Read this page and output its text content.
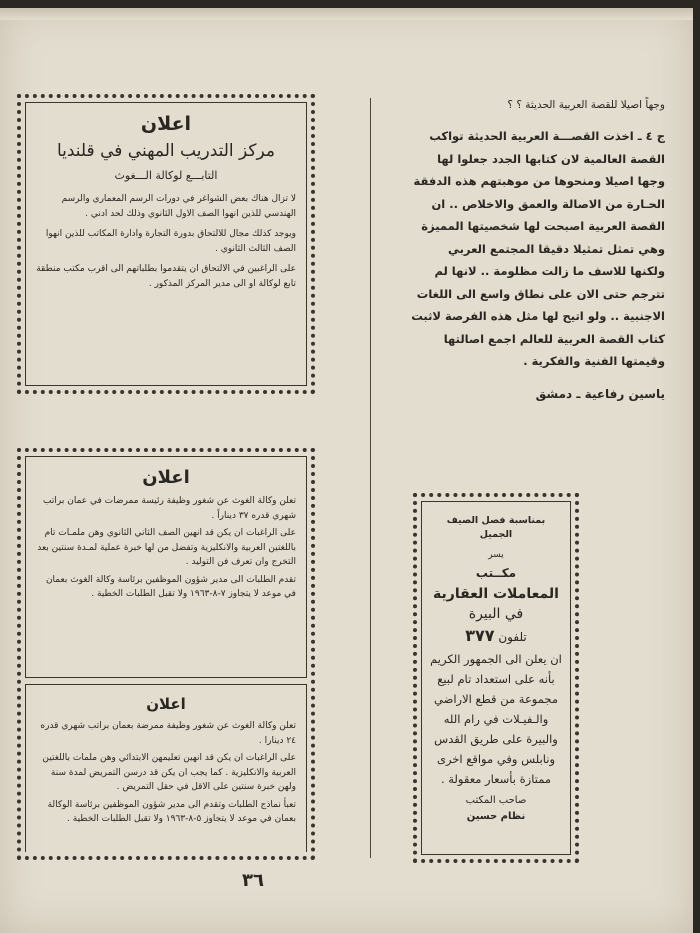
وجهاً اصيلا للقصة العربية الحديثة ؟ ؟

ج ٤ ـ اخذت القصـــة العربية الحديثة تواكب القصة العالمية لان كتابها الجدد جعلوا لها وجها اصيلا ومنحوها من موهبتهم هذه الدفقة الحـارة من الاصالة والعمق والاخلاص .. ان القصة العربية اصبحت لها شخصيتها المميزة وهي تمثل تمثيلا دقيقا المجتمع العربي ولكنها للاسف ما زالت مظلومة .. لانها لم تترجم حتى الان على نطاق واسع الى اللغات الاجنبية .. ولو اتيح لها مثل هذه الفرصة لاثبت كتاب القصة العربية للعالم اجمع اصالتها وقيمتها الفنية والفكرية .

ياسين رفاعية ـ دمشق
اعلان
مركز التدريب المهني في قلنديا
التابـــع لوكالة الـــغوث

لا تزال هناك بعض الشواغر في دورات الرسم المعماري والرسم الهندسي للذين انهوا الصف الاول الثانوي وذلك لحد ادني .

ويوجد كذلك مجال للالتحاق بدورة التجارة وادارة المكاتب للذين انهوا الصف الثالث الثانوي .

على الراغبين في الالتحاق ان يتقدموا بطلباتهم الى اقرب مكتب منطقة تابع لوكالة او الى مدير المركز المذكور .

اعلان

تعلن وكالة الغوث عن شغور وظيفة رئيسة ممرضات في عمان براتب شهري قدره ٣٧ ديناراً .

على الراغبات ان يكن قد انهين الصف الثاني الثانوي وهن ملمـات تام باللغتين العربية والانكليزية وتفضل من لها خبرة عملية لمـدة سنتين بعد التخرج وان تعرف فن التوليد .

تقدم الطلبات الى مدير شؤون الموظفين برئاسة وكالة الغوث بعمان في موعد لا يتجاوز ٧-٨-١٩٦٣ ولا تقبل الطلبات الخطية .

اعلان

تعلن وكالة الغوث عن شغور وظيفة ممرضة بعمان براتب شهري قدره ٢٤ دينارا .

على الراغبات ان يكن قد انهين تعليمهن الابتدائي وهن ملمات باللغتين العربية والانكليزية . كما يجب ان يكن قد درسن التمريض لمدة سنة ولهن خبرة سنتين على الاقل في حقل التمريض .

تعبأ نماذج الطلبات وتقدم الى مدير شؤون الموظفين برئاسة الوكالة بعمان في موعد لا يتجاوز ٥-٨-١٩٦٣ ولا تقبل الطلبات الخطية .

بمناسبة فصل الصيف الجميل
يسر
مكــتب
المعاملات العقارية
في البيرة
تلفون ٣٧٧

ان يعلن الى الجمهور الكريم بأنه على استعداد تام لبيع مجموعة من قطع الاراضي والـفيـلات في رام الله والبيرة على طريق القدس ونابلس وفي مواقع اخرى ممتازة بأسعار معقولة .

صاحب المكتب
نظام حسين
٣٦
